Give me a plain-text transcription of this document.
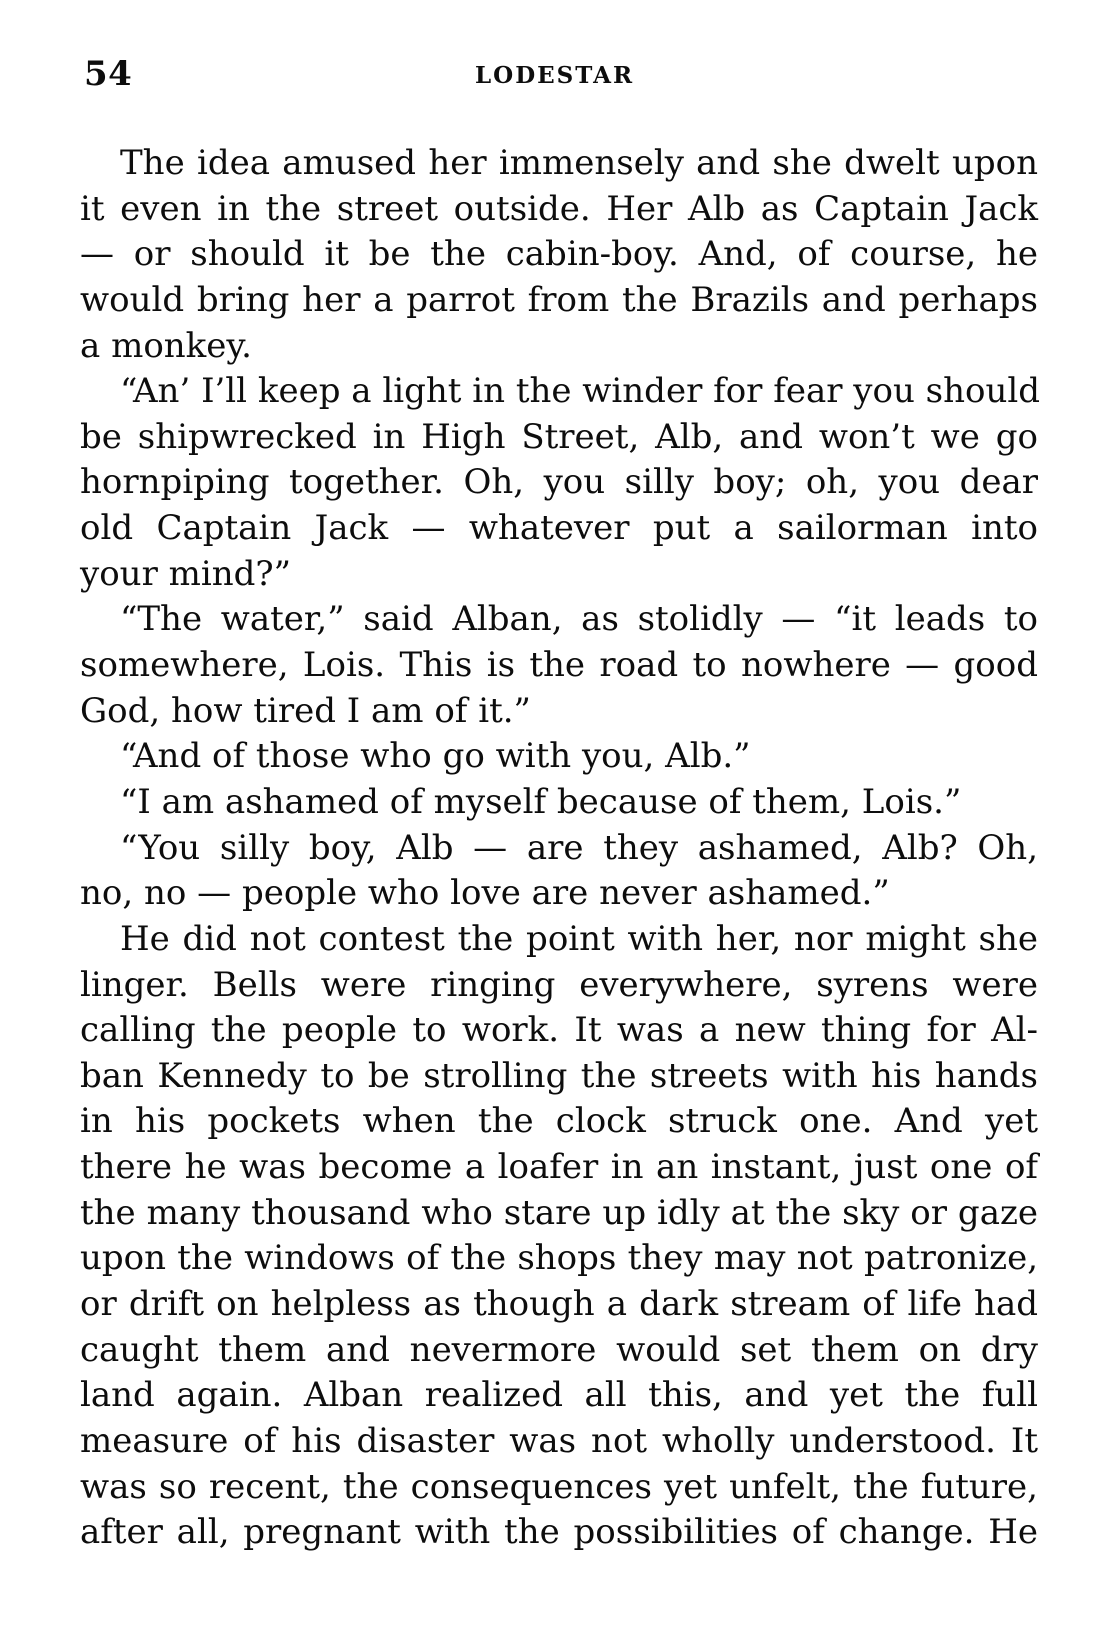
54	LODESTAR
The idea amused her immensely and she dwelt upon
it even in the street outside. Her Alb as Captain Jack
— or should it be the cabin-boy. And, of course, he
would bring her a parrot from the Brazils and perhaps
a monkey.
“An’ I’ll keep a light in the winder for fear you should
be shipwrecked in High Street, Alb, and won’t we go
hornpiping together. Oh, you silly boy; oh, you dear
old Captain Jack — whatever put a sailorman into
your mind?”
“The water,” said Alban, as stolidly — “it leads to
somewhere, Lois. This is the road to nowhere — good
God, how tired I am of it.”
“And of those who go with you, Alb.”
“I am ashamed of myself because of them, Lois.”
“You silly boy, Alb — are they ashamed, Alb? Oh,
no, no — people who love are never ashamed.”
He did not contest the point with her, nor might she
linger. Bells were ringing everywhere, syrens were
calling the people to work. It was a new thing for Al-
ban Kennedy to be strolling the streets with his hands
in his pockets when the clock struck one. And yet
there he was become a loafer in an instant, just one of
the many thousand who stare up idly at the sky or gaze
upon the windows of the shops they may not patronize,
or drift on helpless as though a dark stream of life had
caught them and nevermore would set them on dry
land again. Alban realized all this, and yet the full
measure of his disaster was not wholly understood. It
was so recent, the consequences yet unfelt, the future,
after all, pregnant with the possibilities of change. He
